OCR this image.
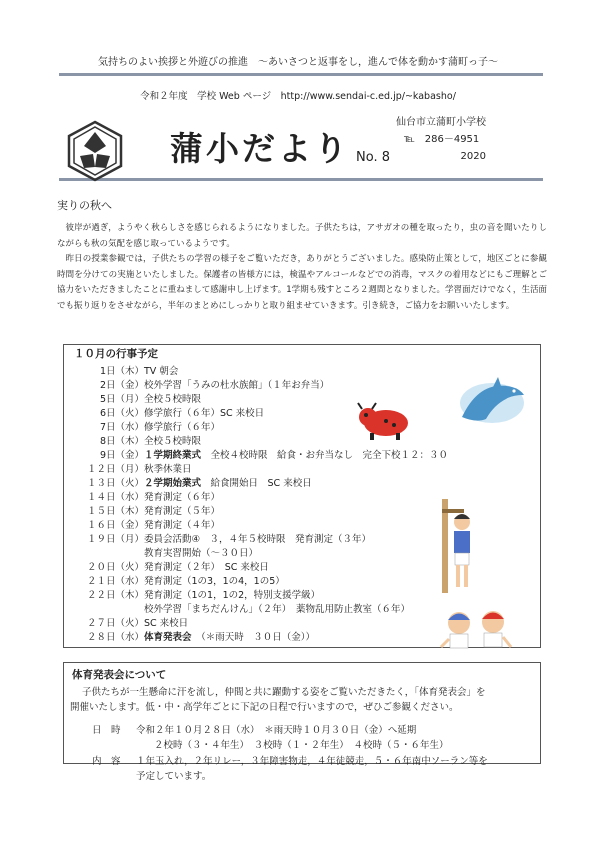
気持ちのよい挨拶と外遊びの推進　～あいさつと返事をし，進んで体を動かす蒲町っ子～
令和２年度　学校 Web ページ　http://www.sendai-c.ed.jp/~kabasho/
蒲小だより No. 8
仙台市立蒲町小学校
℡　286－4951
2020
実りの秋へ

彼岸が過ぎ，ようやく秋らしさを感じられるようになりました。子供たちは，アサガオの種を取ったり，虫の音を聞いたりしながらも秋の気配を感じ取っているようです。

昨日の授業参観では，子供たちの学習の様子をご覧いただき，ありがとうございました。感染防止策として，地区ごとに参観時間を分けての実施といたしました。保護者の皆様方には，検温やアルコールなどでの消毒，マスクの着用などにもご理解とご協力をいただきましたことに重ねまして感謝申し上げます。1学期も残すところ２週間となりました。学習面だけでなく，生活面でも振り返りをさせながら，半年のまとめにしっかりと取り組ませていきます。引き続き，ご協力をお願いいたします。

１０月の行事予定
1日（木）TV 朝会
2日（金）校外学習「うみの杜水族館」（１年お弁当）
5日（月）全校５校時限
6日（火）修学旅行（６年）SC 来校日
7日（水）修学旅行（６年）
8日（木）全校５校時限
9日（金）１学期終業式　全校４校時限　給食・お弁当なし　完全下校１２：３０
１２日（月）秋季休業日
１３日（火）２学期始業式　給食開始日　SC 来校日
１４日（水）発育測定（６年）
１５日（木）発育測定（５年）
１６日（金）発育測定（４年）
１９日（月）委員会活動④　３，４年５校時限　発育測定（３年）
教育実習開始（～３０日）
２０日（火）発育測定（２年）　SC 来校日
２１日（水）発育測定（1の3，1の4，1の5）
２２日（木）発育測定（1の1，1の2，特別支援学級）
校外学習「まちだんけん」（２年）　薬物乱用防止教室（６年）
２７日（火）SC 来校日
２８日（水）体育発表会　（＊雨天時　３０日（金））
体育発表会について
子供たちが一生懸命に汗を流し，仲間と共に躍動する姿をご覧いただきたく，「体育発表会」を
開催いたします。低・中・高学年ごとに下記の日程で行いますので，ぜひご参観ください。
日　時 令和２年１０月２８日（水）　＊雨天時１０月３０日（金）へ延期
２校時（３・４年生）　３校時（１・２年生）　４校時（５・６年生）
内　容 １年玉入れ，２年リレー，３年障害物走，４年徒競走，５・６年南中ソーラン等を
予定しています。
